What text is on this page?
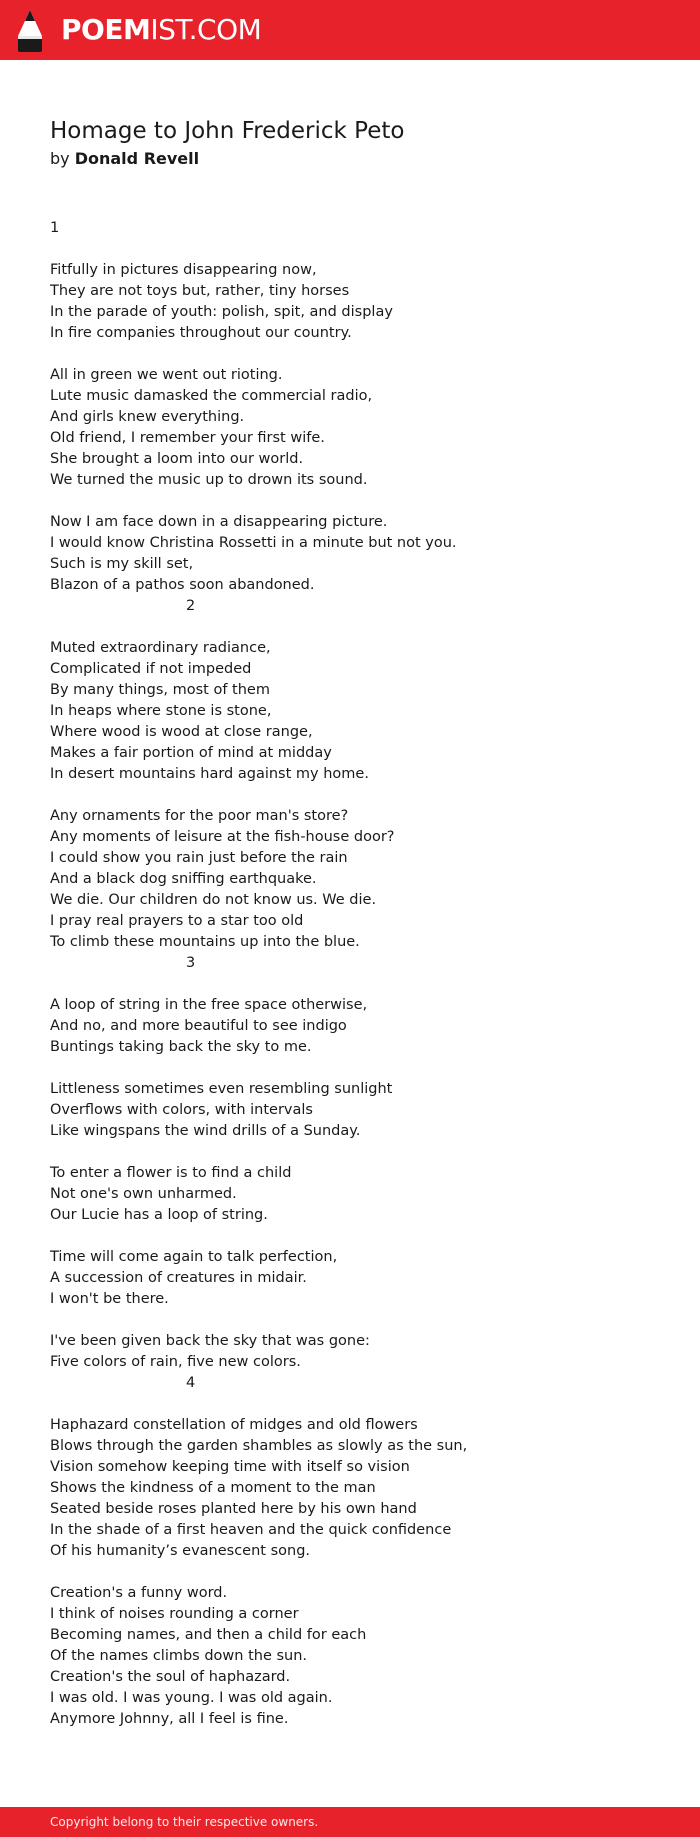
POEMIST.COM
Homage to John Frederick Peto
by Donald Revell
1
Fitfully in pictures disappearing now,
They are not toys but, rather, tiny horses
In the parade of youth: polish, spit, and display
In fire companies throughout our country.
All in green we went out rioting.
Lute music damasked the commercial radio,
And girls knew everything.
Old friend, I remember your first wife.
She brought a loom into our world.
We turned the music up to drown its sound.
Now I am face down in a disappearing picture.
I would know Christina Rossetti in a minute but not you.
Such is my skill set,
Blazon of a pathos soon abandoned.
2
Muted extraordinary radiance,
Complicated if not impeded
By many things, most of them
In heaps where stone is stone,
Where wood is wood at close range,
Makes a fair portion of mind at midday
In desert mountains hard against my home.
Any ornaments for the poor man's store?
Any moments of leisure at the fish-house door?
I could show you rain just before the rain
And a black dog sniffing earthquake.
We die. Our children do not know us. We die.
I pray real prayers to a star too old
To climb these mountains up into the blue.
3
A loop of string in the free space otherwise,
And no, and more beautiful to see indigo
Buntings taking back the sky to me.
Littleness sometimes even resembling sunlight
Overflows with colors, with intervals
Like wingspans the wind drills of a Sunday.
To enter a flower is to find a child
Not one's own unharmed.
Our Lucie has a loop of string.
Time will come again to talk perfection,
A succession of creatures in midair.
I won't be there.
I've been given back the sky that was gone:
Five colors of rain, five new colors.
4
Haphazard constellation of midges and old flowers
Blows through the garden shambles as slowly as the sun,
Vision somehow keeping time with itself so vision
Shows the kindness of a moment to the man
Seated beside roses planted here by his own hand
In the shade of a first heaven and the quick confidence
Of his humanity’s evanescent song.
Creation's a funny word.
I think of noises rounding a corner
Becoming names, and then a child for each
Of the names climbs down the sun.
Creation's the soul of haphazard.
I was old. I was young. I was old again.
Anymore Johnny, all I feel is fine.
Copyright belong to their respective owners.
